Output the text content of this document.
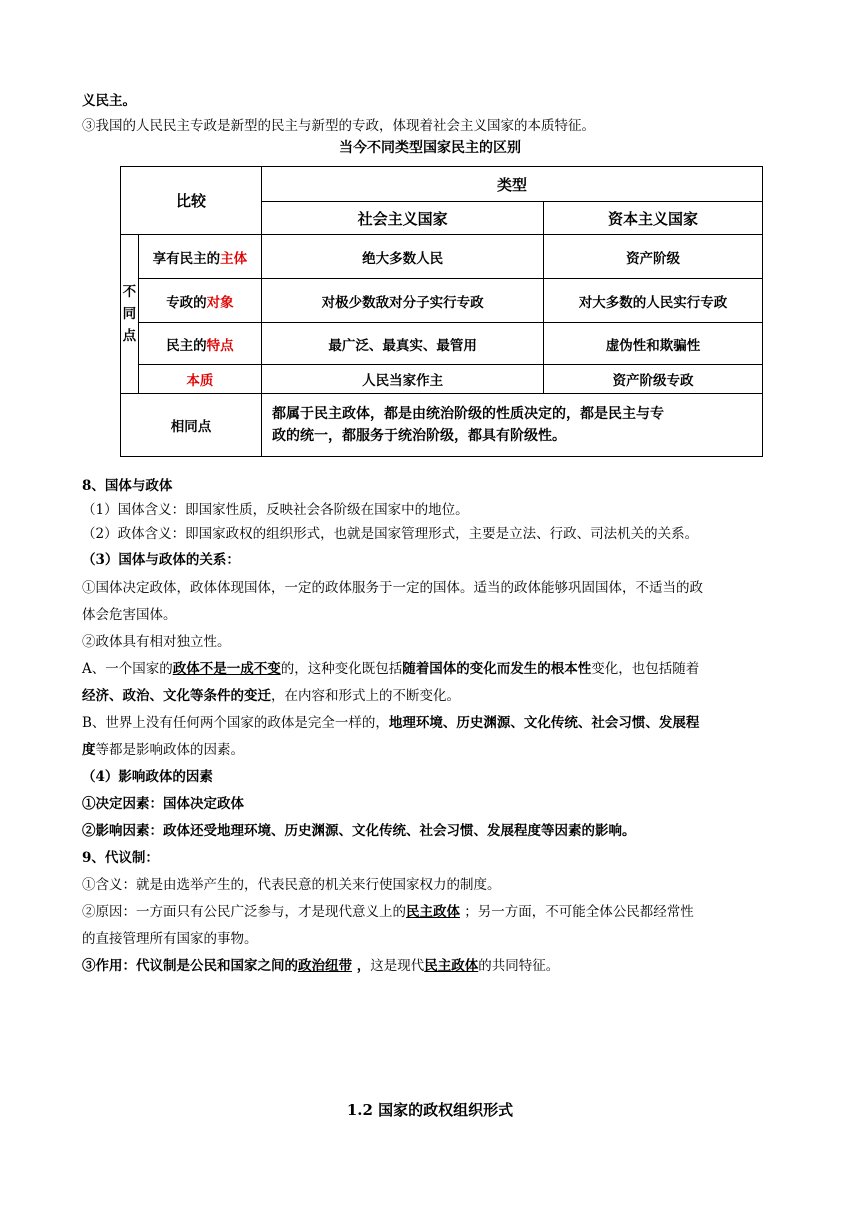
义民主。
③我国的人民民主专政是新型的民主与新型的专政，体现着社会主义国家的本质特征。
当今不同类型国家民主的区别
比较		类型	
		社会主义国家	资本主义国家
不同点	享有民主的主体	绝大多数人民	资产阶级
	专政的对象	对极少数敌对分子实行专政	对大多数的人民实行专政
	民主的特点	最广泛、最真实、最管用	虚伪性和欺骗性
	本质	人民当家作主	资产阶级专政
相同点		都属于民主政体，都是由统治阶级的性质决定的，都是民主与专
政的统一，都服务于统治阶级，都具有阶级性。	
8、国体与政体
（1）国体含义：即国家性质，反映社会各阶级在国家中的地位。
（2）政体含义：即国家政权的组织形式，也就是国家管理形式，主要是立法、行政、司法机关的关系。
（3）国体与政体的关系：
①国体决定政体，政体体现国体，一定的政体服务于一定的国体。适当的政体能够巩固国体，不适当的政
体会危害国体。
②政体具有相对独立性。
A、一个国家的政体不是一成不变的，这种变化既包括随着国体的变化而发生的根本性变化，也包括随着
经济、政治、文化等条件的变迁，在内容和形式上的不断变化。
B、世界上没有任何两个国家的政体是完全一样的，地理环境、历史渊源、文化传统、社会习惯、发展程
度等都是影响政体的因素。
（4）影响政体的因素
①决定因素：国体决定政体
②影响因素：政体还受地理环境、历史渊源、文化传统、社会习惯、发展程度等因素的影响。
9、代议制：
①含义：就是由选举产生的，代表民意的机关来行使国家权力的制度。
②原因：一方面只有公民广泛参与，才是现代意义上的民主政体 ；另一方面，不可能全体公民都经常性
的直接管理所有国家的事物。
③作用：代议制是公民和国家之间的政治纽带 ，这是现代民主政体的共同特征。
1.2 国家的政权组织形式
